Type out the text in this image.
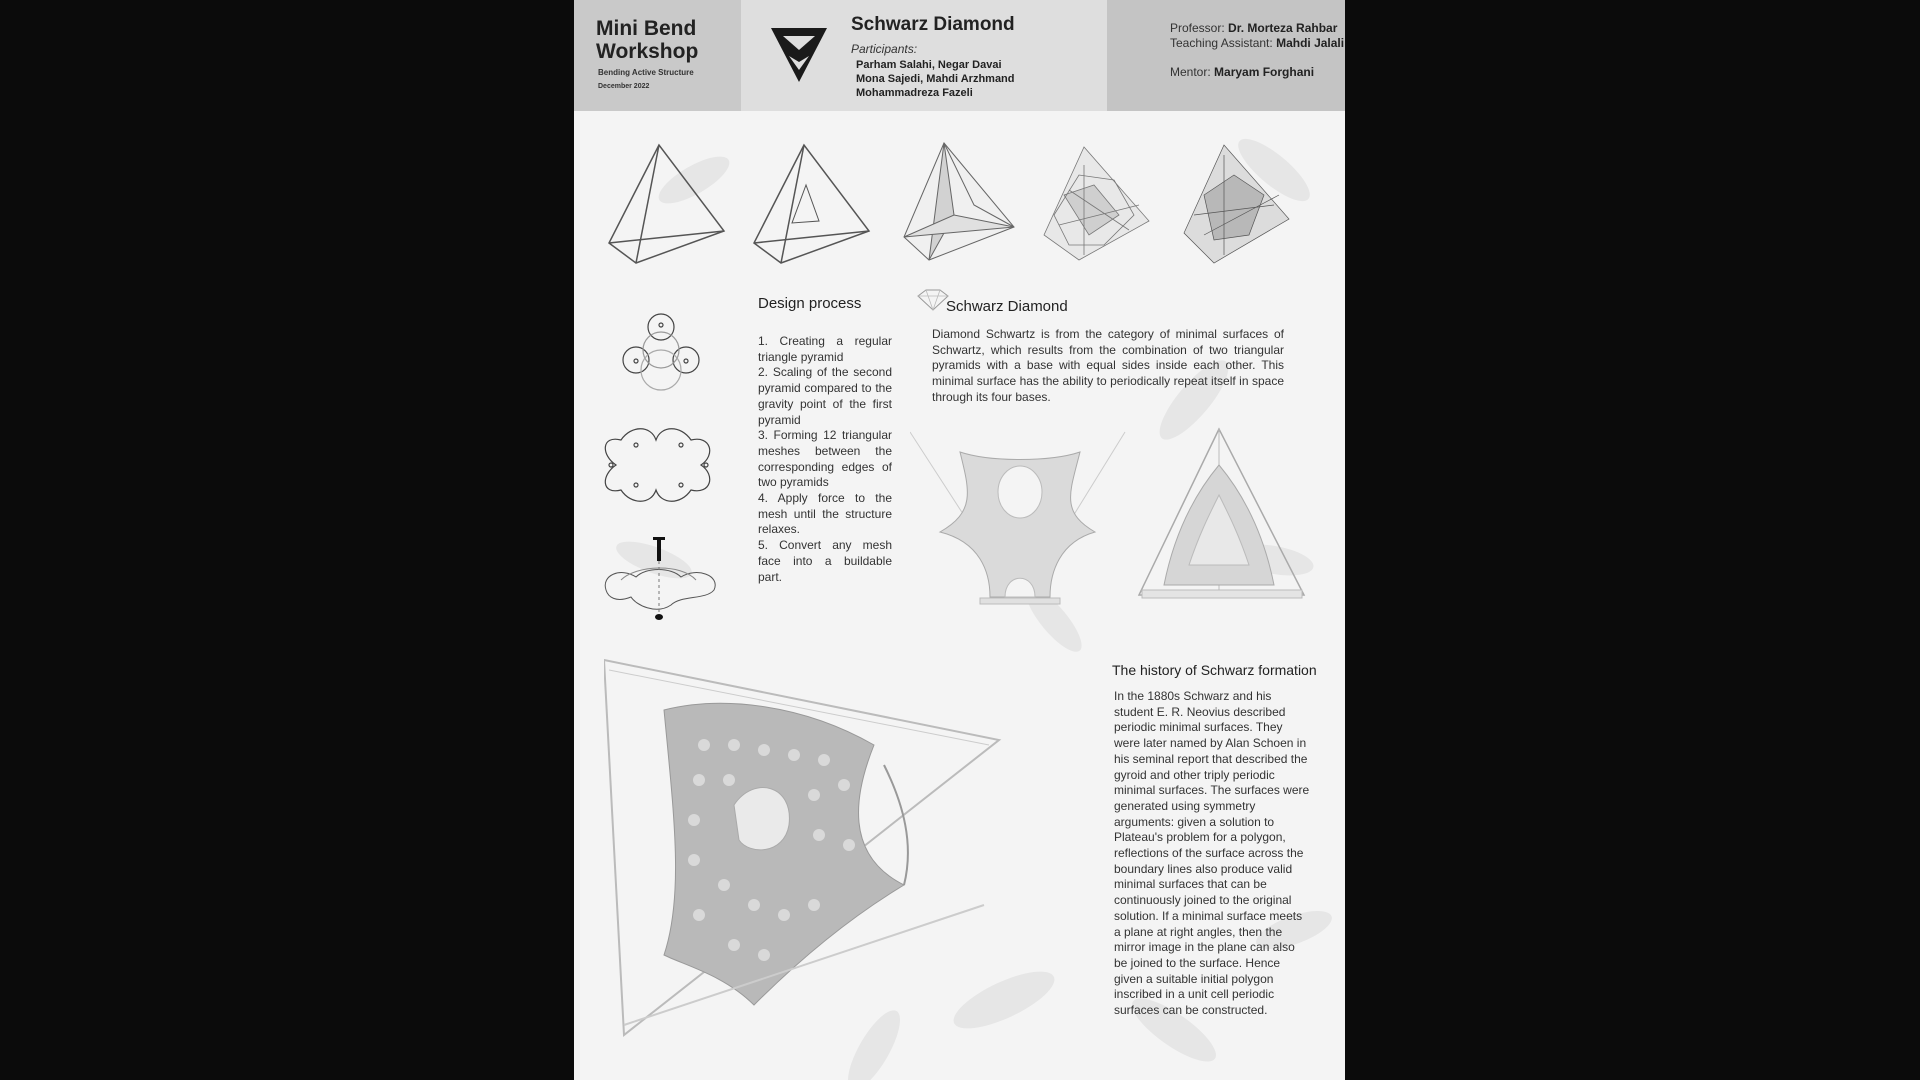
Mini Bend
Workshop
Bending Active Structure
December 2022
Schwarz Diamond
Participants:
Parham Salahi, Negar Davai
Mona Sajedi, Mahdi Arzhmand
Mohammadreza Fazeli
Professor: Dr. Morteza Rahbar
Teaching Assistant: Mahdi Jalali
Mentor: Maryam Forghani
Design process
1. Creating a regular triangle pyramid
2. Scaling of the second pyramid compared to the gravity point of the first pyramid
3. Forming 12 triangular meshes between the corresponding edges of two pyramids
4. Apply force to the mesh until the structure relaxes.
5. Convert any mesh face into a buildable part.
Schwarz Diamond
Diamond Schwartz is from the category of minimal surfaces of Schwartz, which results from the combination of two triangular pyramids with a base with equal sides inside each other. This minimal surface has the ability to periodically repeat itself in space through its four bases.
The history of Schwarz formation
In the 1880s Schwarz and his student E. R. Neovius described periodic minimal surfaces. They were later named by Alan Schoen in his seminal report that described the gyroid and other triply periodic minimal surfaces. The surfaces were generated using symmetry arguments: given a solution to Plateau's problem for a polygon, reflections of the surface across the boundary lines also produce valid minimal surfaces that can be continuously joined to the original solution. If a minimal surface meets a plane at right angles, then the mirror image in the plane can also be joined to the surface. Hence given a suitable initial polygon inscribed in a unit cell periodic surfaces can be constructed.
